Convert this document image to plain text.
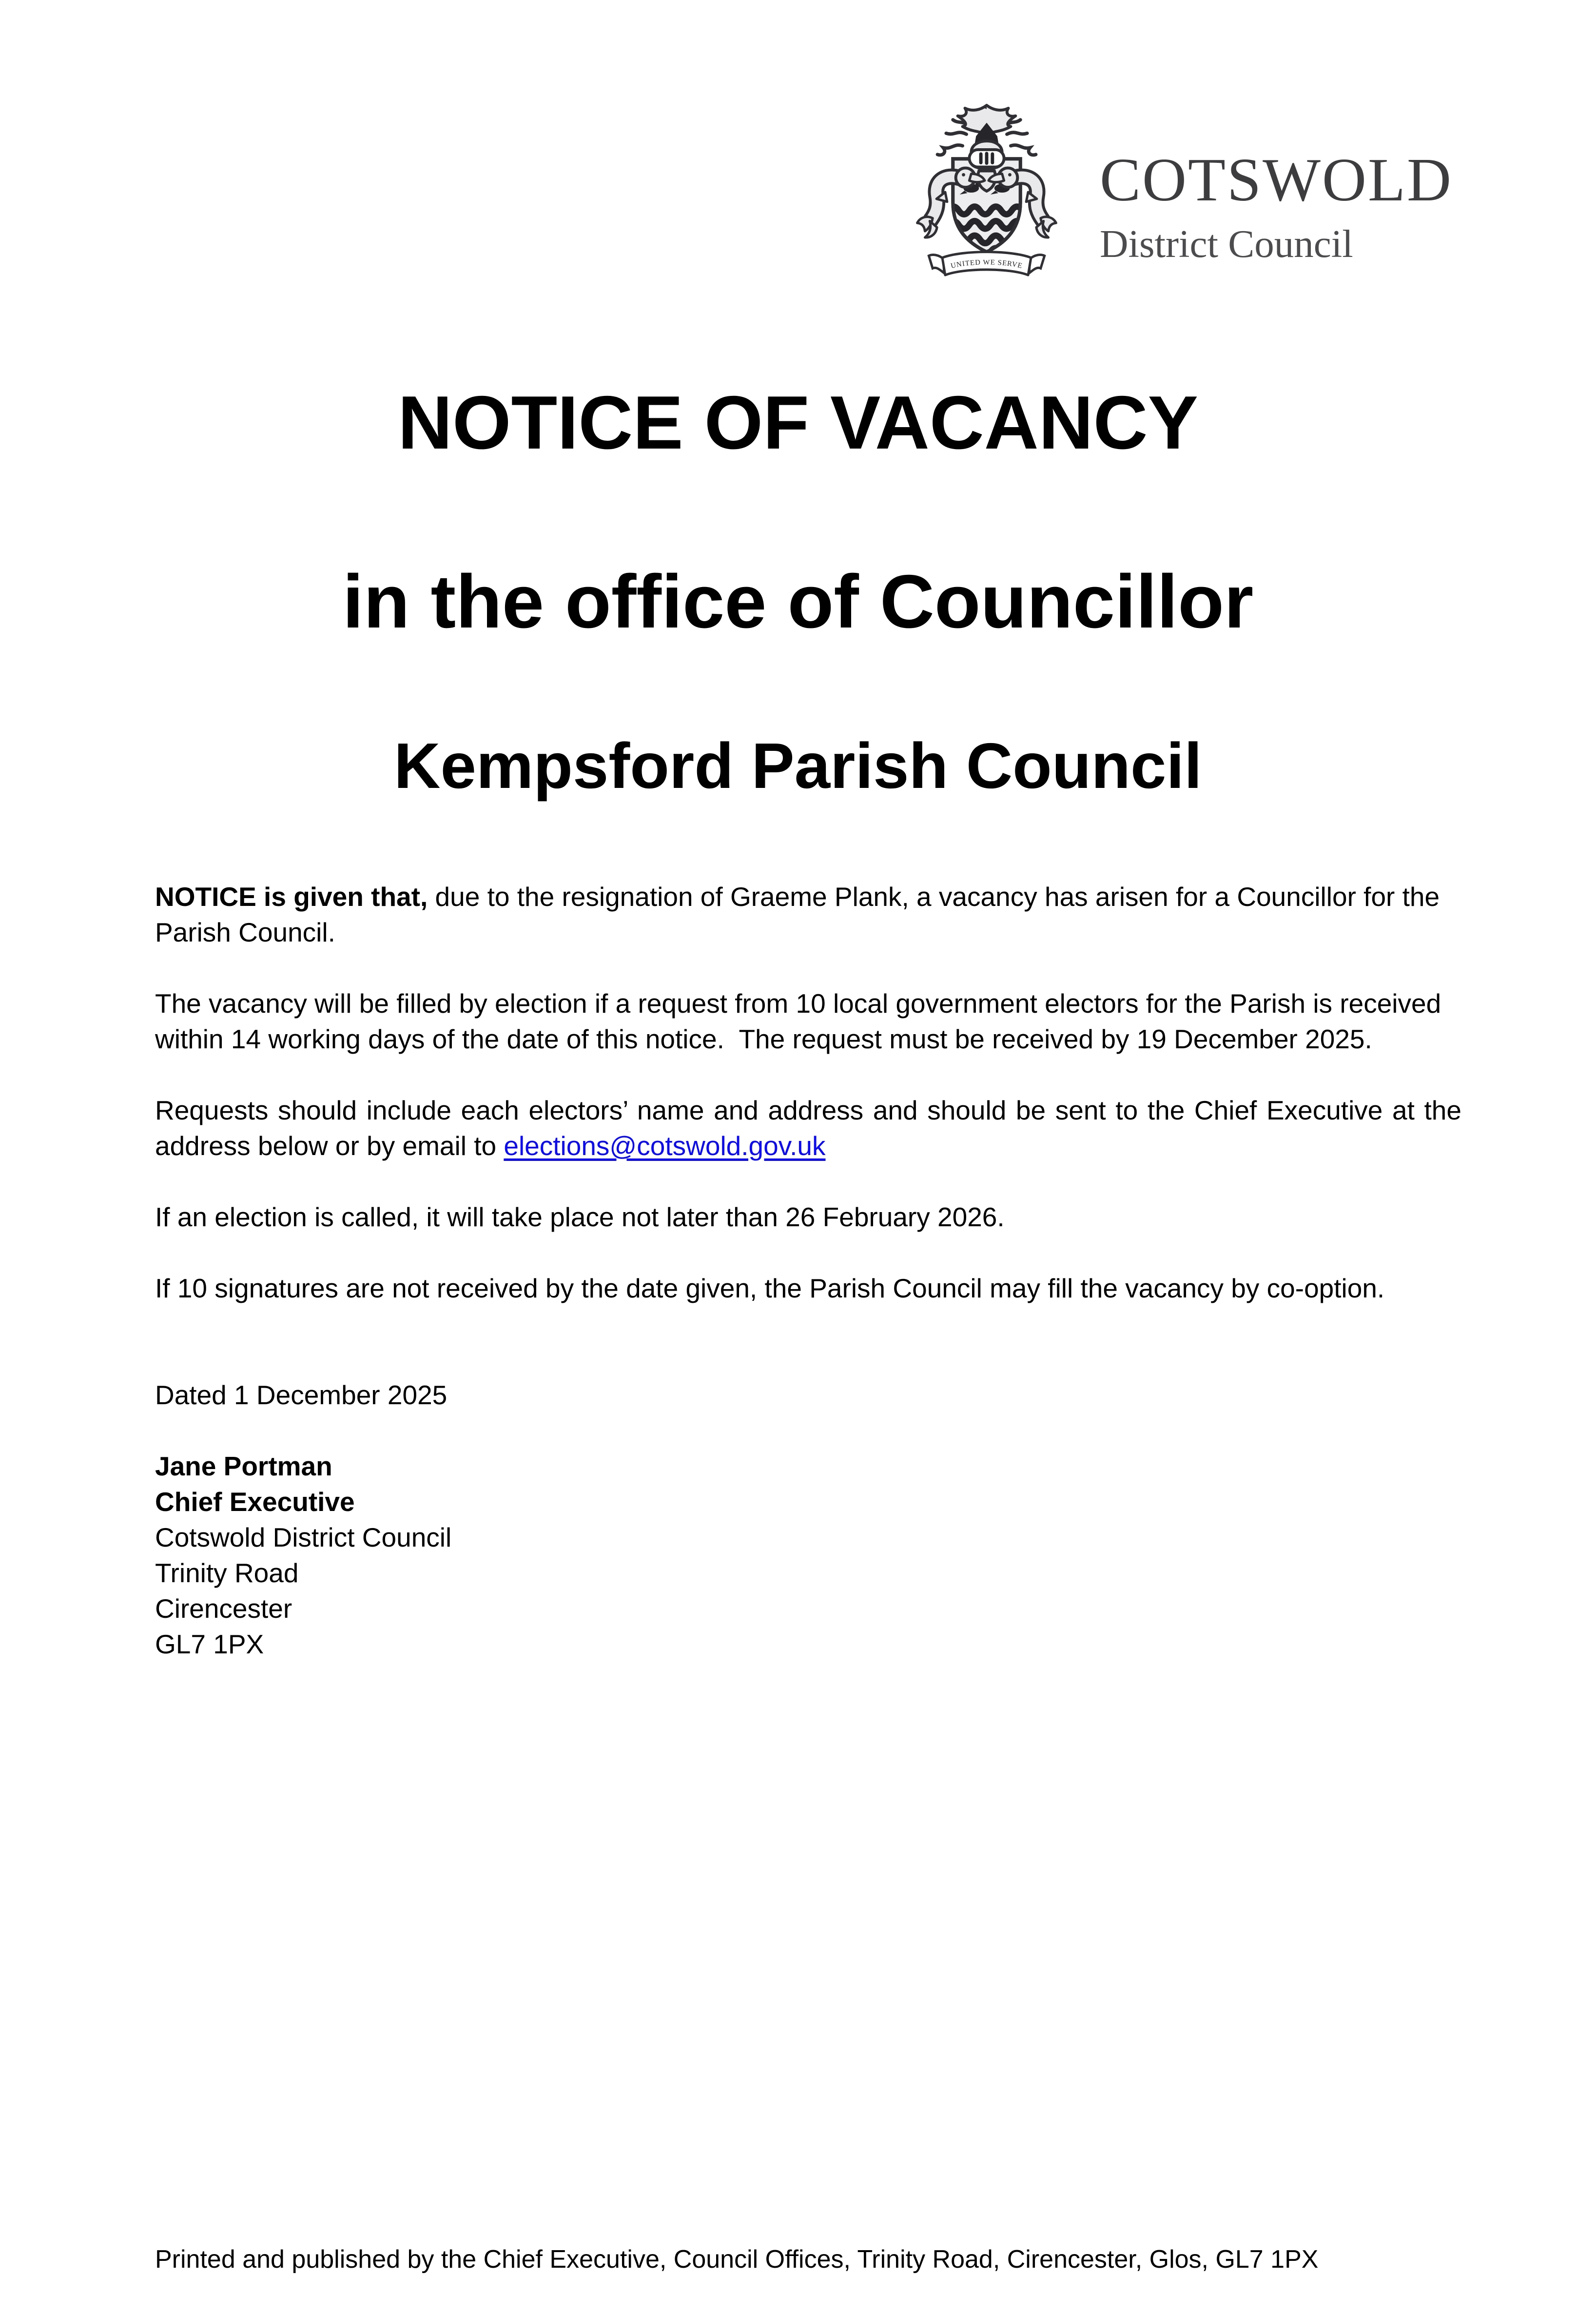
UNITED WE SERVE
COTSWOLD
District Council
NOTICE OF VACANCY
in the office of Councillor
Kempsford Parish Council

NOTICE is given that, due to the resignation of Graeme Plank, a vacancy has arisen for a Councillor for the Parish Council.

The vacancy will be filled by election if a request from 10 local government electors for the Parish is received within 14 working days of the date of this notice.  The request must be received by 19 December 2025.

Requests should include each electors’ name and address and should be sent to the Chief Executive at the address below or by email to elections@cotswold.gov.uk

If an election is called, it will take place not later than 26 February 2026.

If 10 signatures are not received by the date given, the Parish Council may fill the vacancy by co-option.

Dated 1 December 2025

Jane Portman
Chief Executive
Cotswold District Council
Trinity Road
Cirencester
GL7 1PX
Printed and published by the Chief Executive, Council Offices, Trinity Road, Cirencester, Glos, GL7 1PX
